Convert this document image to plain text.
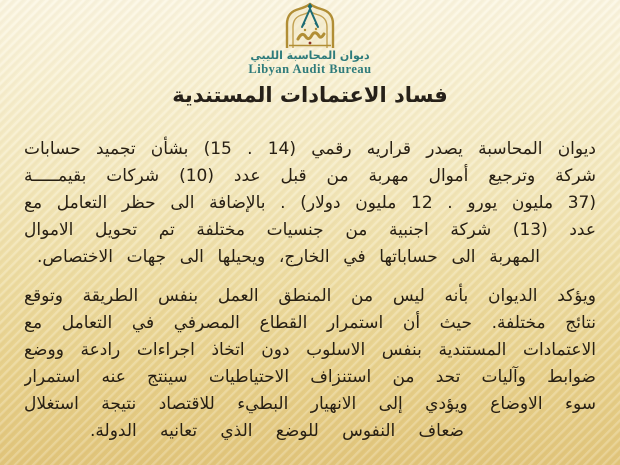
ديوان المحاسبة الليبي
Libyan Audit Bureau
فساد الاعتمادات المستندية
ديوان المحاسبة يصدر قراريه رقمي (14 . 15) بشأن تجميد حسابات
شركة وترجيع أموال مهربة من قبل عدد (10) شركات بقيمـــــة
(37 مليون يورو . 12 مليون دولار) . بالإضافة الى حظر التعامل مع
عدد (13) شركة اجنبية من جنسيات مختلفة تم تحويل الاموال
المهربة الى حساباتها في الخارج، ويحيلها الى جهات الاختصاص.
ويؤكد الديوان بأنه ليس من المنطق العمل بنفس الطريقة وتوقع
نتائج مختلفة. حيث أن استمرار القطاع المصرفي في التعامل مع
الاعتمادات المستندية بنفس الاسلوب دون اتخاذ اجراءات رادعة ووضع
ضوابط وآليات تحد من استنزاف الاحتياطيات سينتج عنه استمرار
سوء الاوضاع ويؤدي إلى الانهيار البطيء للاقتصاد نتيجة استغلال
ضعاف النفوس للوضع الذي تعانيه الدولة.
